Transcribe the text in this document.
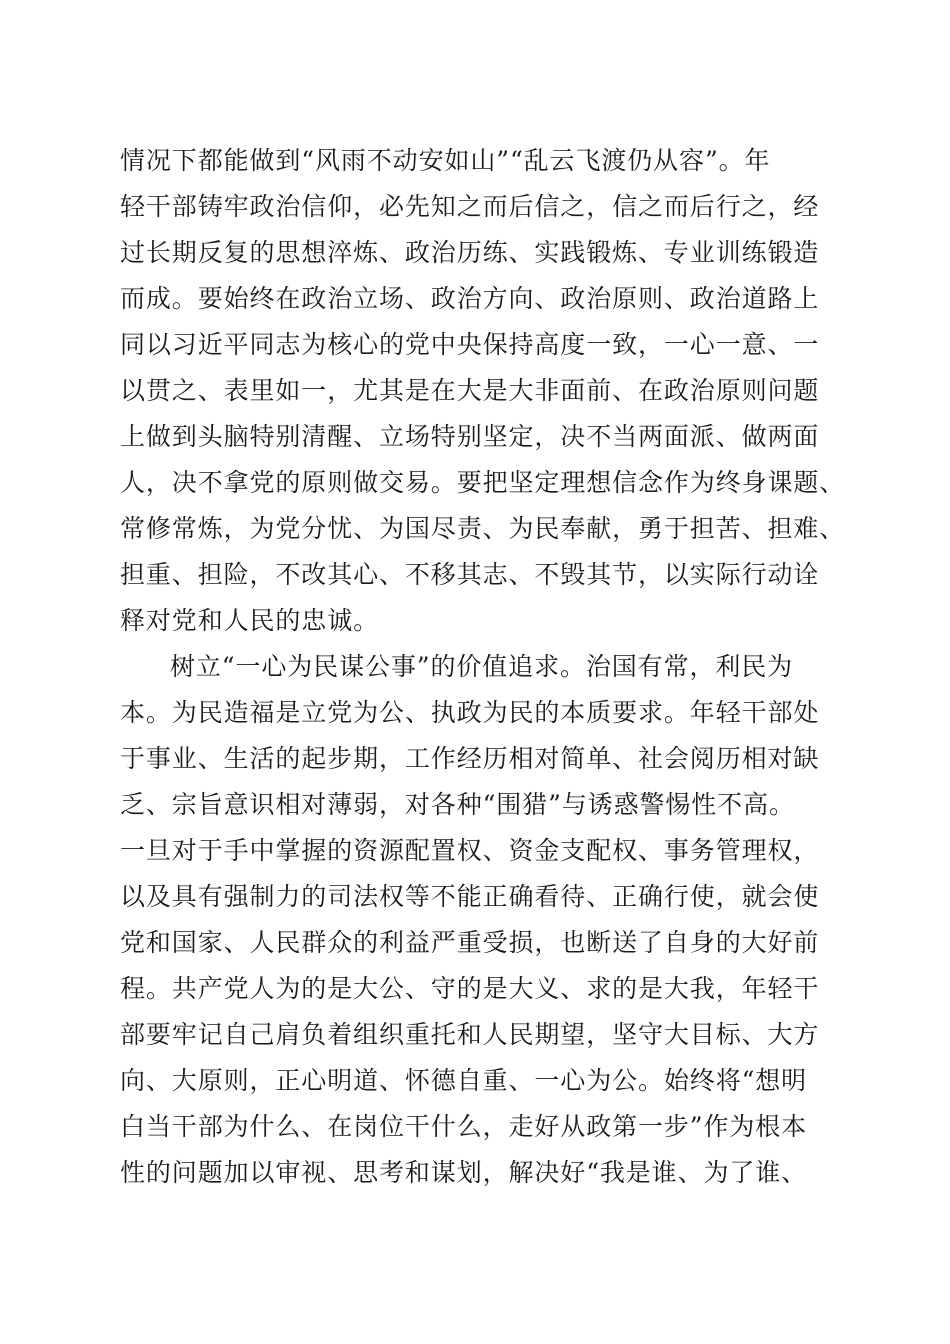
情况下都能做到“风雨不动安如山”“乱云飞渡仍从容”。年
轻干部铸牢政治信仰，必先知之而后信之，信之而后行之，经
过长期反复的思想淬炼、政治历练、实践锻炼、专业训练锻造
而成。要始终在政治立场、政治方向、政治原则、政治道路上
同以习近平同志为核心的党中央保持高度一致，一心一意、一
以贯之、表里如一，尤其是在大是大非面前、在政治原则问题
上做到头脑特别清醒、立场特别坚定，决不当两面派、做两面
人，决不拿党的原则做交易。要把坚定理想信念作为终身课题、
常修常炼，为党分忧、为国尽责、为民奉献，勇于担苦、担难、
担重、担险，不改其心、不移其志、不毁其节，以实际行动诠
释对党和人民的忠诚。
树立“一心为民谋公事”的价值追求。治国有常，利民为
本。为民造福是立党为公、执政为民的本质要求。年轻干部处
于事业、生活的起步期，工作经历相对简单、社会阅历相对缺
乏、宗旨意识相对薄弱，对各种“围猎”与诱惑警惕性不高。
一旦对于手中掌握的资源配置权、资金支配权、事务管理权，
以及具有强制力的司法权等不能正确看待、正确行使，就会使
党和国家、人民群众的利益严重受损，也断送了自身的大好前
程。共产党人为的是大公、守的是大义、求的是大我，年轻干
部要牢记自己肩负着组织重托和人民期望，坚守大目标、大方
向、大原则，正心明道、怀德自重、一心为公。始终将“想明
白当干部为什么、在岗位干什么，走好从政第一步”作为根本
性的问题加以审视、思考和谋划，解决好“我是谁、为了谁、
